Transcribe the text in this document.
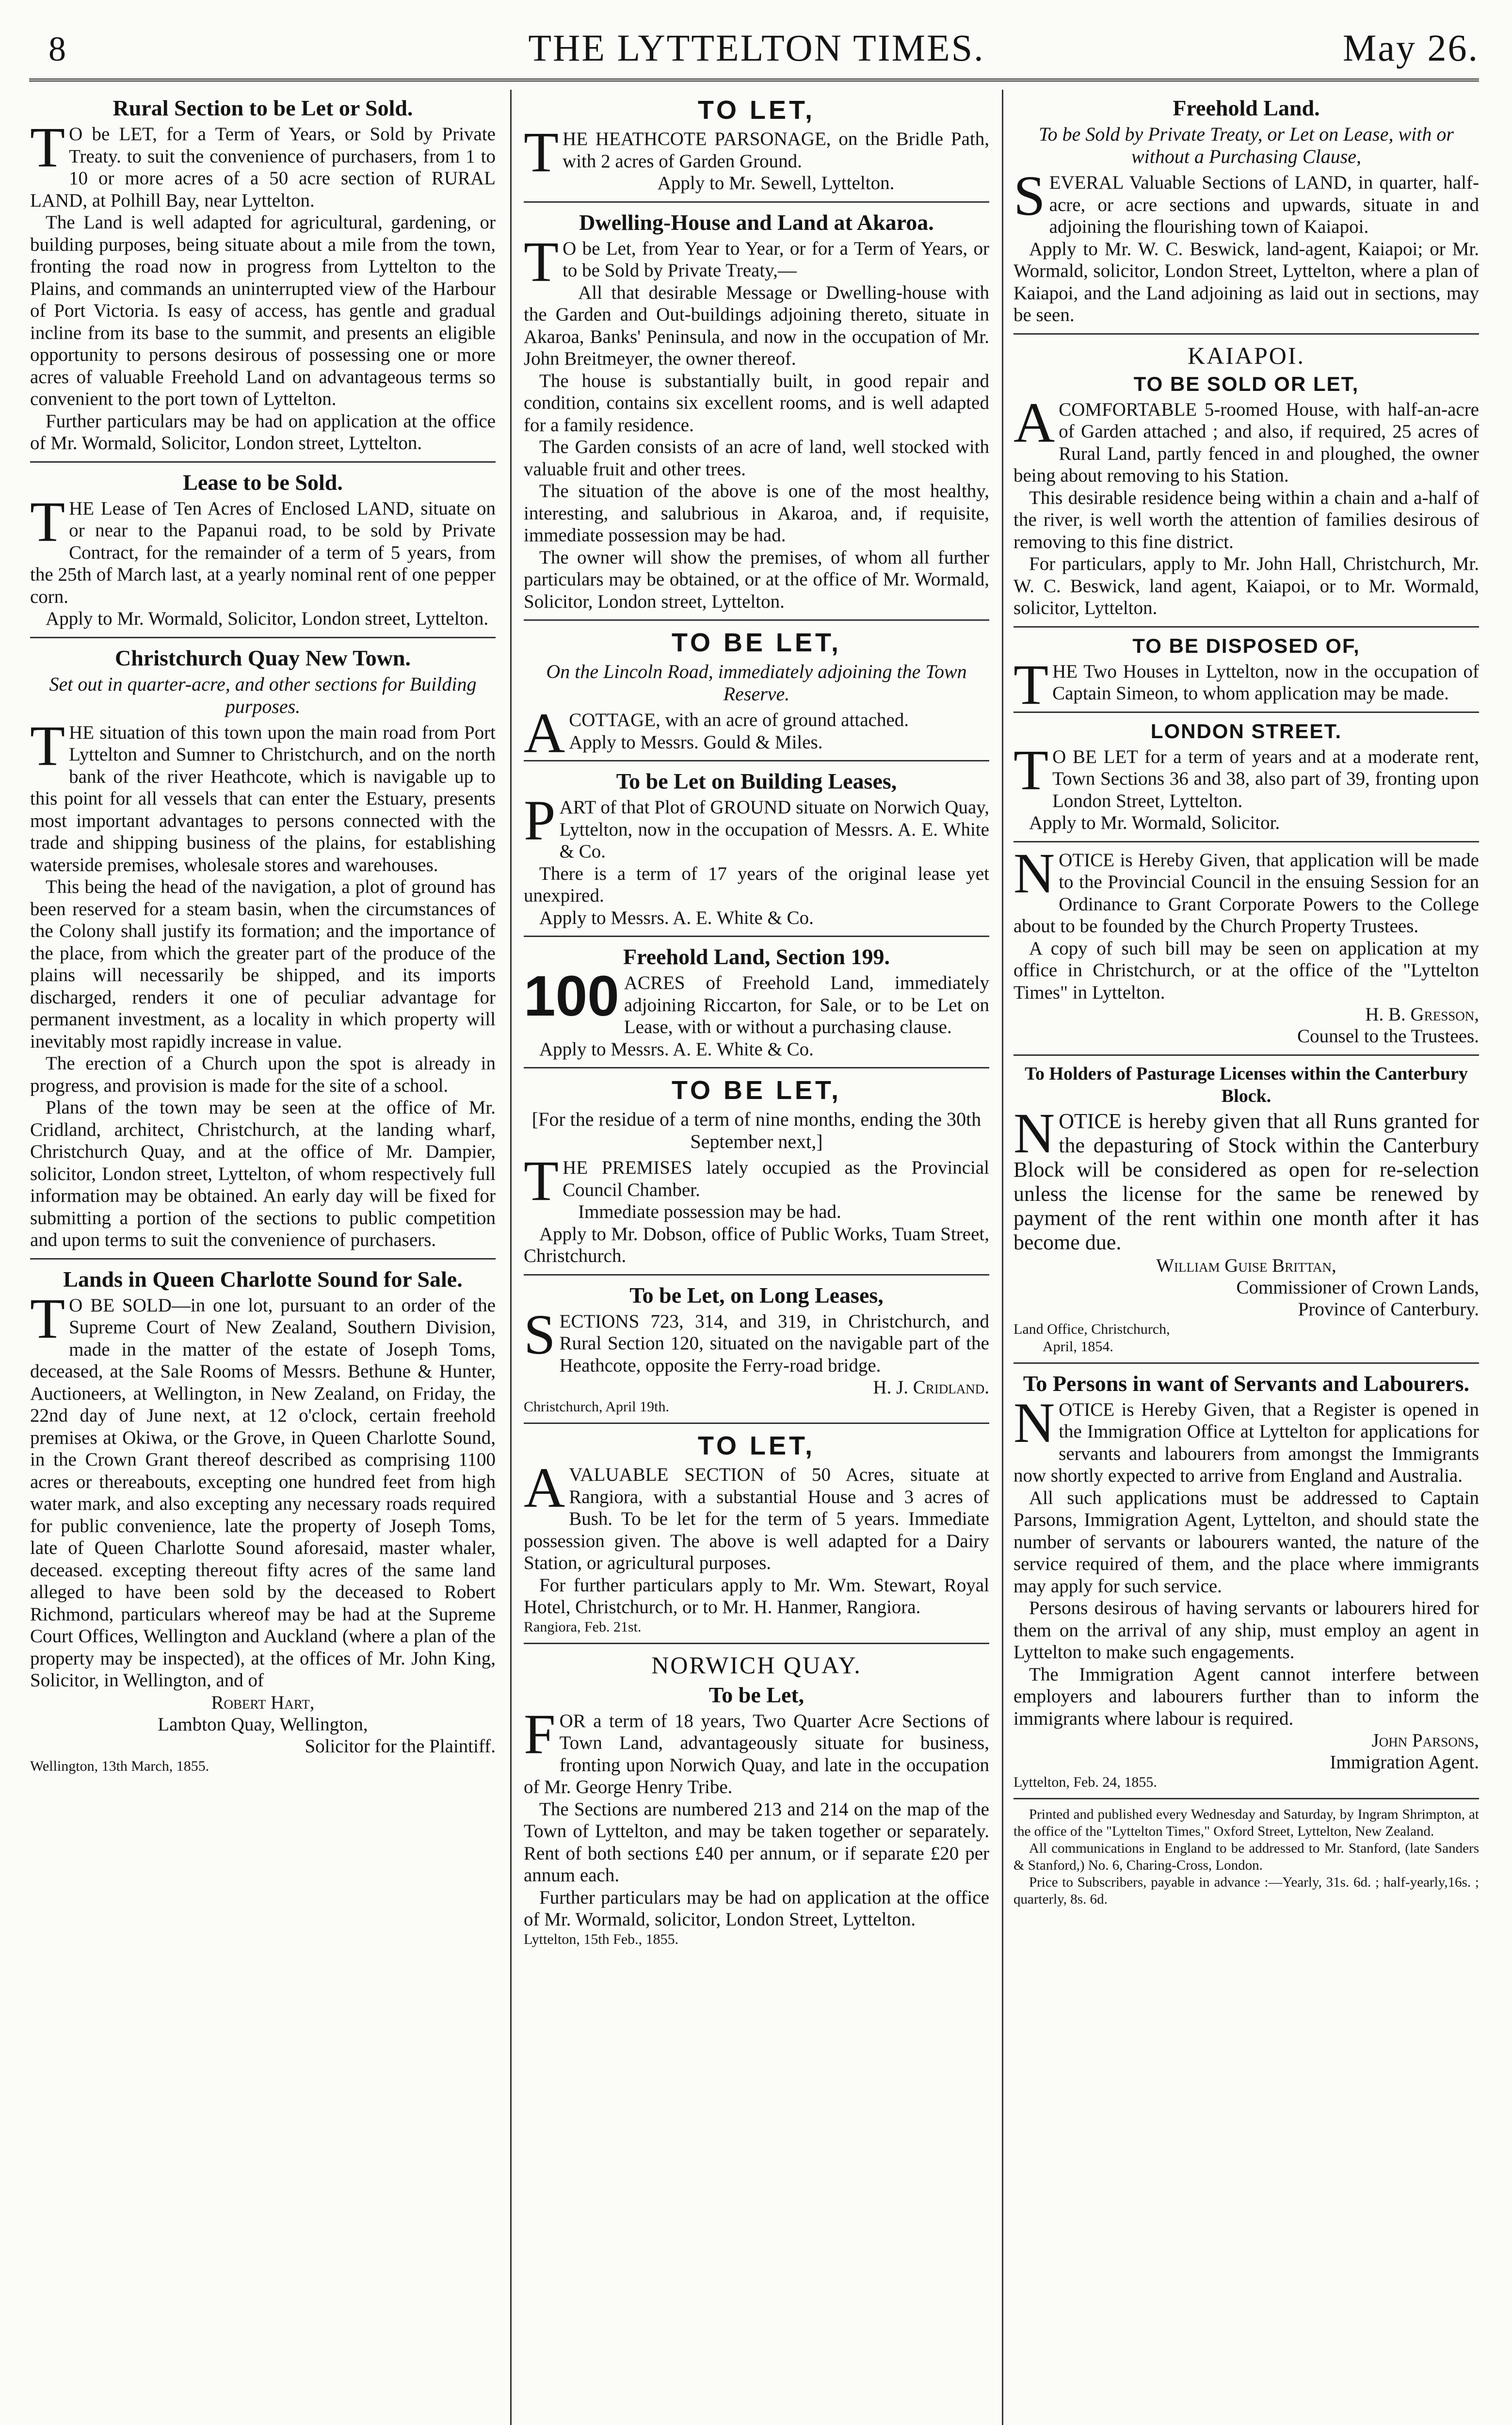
8	THE LYTTELTON TIMES.	May 26.
Rural Section to be Let or Sold.

TO be LET, for a Term of Years, or Sold by Private Treaty. to suit the convenience of purchasers, from 1 to 10 or more acres of a 50 acre section of RURAL LAND, at Polhill Bay, near Lyttelton.

The Land is well adapted for agricultural, gardening, or building purposes, being situate about a mile from the town, fronting the road now in progress from Lyttelton to the Plains, and commands an uninterrupted view of the Harbour of Port Victoria. Is easy of access, has gentle and gradual incline from its base to the summit, and presents an eligible opportunity to persons desirous of possessing one or more acres of valuable Freehold Land on advantageous terms so convenient to the port town of Lyttelton.

Further particulars may be had on application at the office of Mr. Wormald, Solicitor, London street, Lyttelton.

Lease to be Sold.

THE Lease of Ten Acres of Enclosed LAND, situate on or near to the Papanui road, to be sold by Private Contract, for the remainder of a term of 5 years, from the 25th of March last, at a yearly nominal rent of one pepper corn.

Apply to Mr. Wormald, Solicitor, London street, Lyttelton.

Christchurch Quay New Town.
Set out in quarter-acre, and other sections for Building purposes.

THE situation of this town upon the main road from Port Lyttelton and Sumner to Christchurch, and on the north bank of the river Heathcote, which is navigable up to this point for all vessels that can enter the Estuary, presents most important advantages to persons connected with the trade and shipping business of the plains, for establishing waterside premises, wholesale stores and warehouses.

This being the head of the navigation, a plot of ground has been reserved for a steam basin, when the circumstances of the Colony shall justify its formation; and the importance of the place, from which the greater part of the produce of the plains will necessarily be shipped, and its imports discharged, renders it one of peculiar advantage for permanent investment, as a locality in which property will inevitably most rapidly increase in value.

The erection of a Church upon the spot is already in progress, and provision is made for the site of a school.

Plans of the town may be seen at the office of Mr. Cridland, architect, Christchurch, at the landing wharf, Christchurch Quay, and at the office of Mr. Dampier, solicitor, London street, Lyttelton, of whom respectively full information may be obtained. An early day will be fixed for submitting a portion of the sections to public competition and upon terms to suit the convenience of purchasers.

Lands in Queen Charlotte Sound for Sale.

TO BE SOLD—in one lot, pursuant to an order of the Supreme Court of New Zealand, Southern Division, made in the matter of the estate of Joseph Toms, deceased, at the Sale Rooms of Messrs. Bethune & Hunter, Auctioneers, at Wellington, in New Zealand, on Friday, the 22nd day of June next, at 12 o'clock, certain freehold premises at Okiwa, or the Grove, in Queen Charlotte Sound, in the Crown Grant thereof described as comprising 1100 acres or thereabouts, excepting one hundred feet from high water mark, and also excepting any necessary roads required for public convenience, late the property of Joseph Toms, late of Queen Charlotte Sound aforesaid, master whaler, deceased. excepting thereout fifty acres of the same land alleged to have been sold by the deceased to Robert Richmond, particulars whereof may be had at the Supreme Court Offices, Wellington and Auckland (where a plan of the property may be inspected), at the offices of Mr. John King, Solicitor, in Wellington, and of

Robert Hart,

Lambton Quay, Wellington,

Solicitor for the Plaintiff.

Wellington, 13th March, 1855.

TO LET,

THE HEATHCOTE PARSONAGE, on the Bridle Path, with 2 acres of Garden Ground.

Apply to Mr. Sewell, Lyttelton.

Dwelling-House and Land at Akaroa.

TO be Let, from Year to Year, or for a Term of Years, or to be Sold by Private Treaty,—

All that desirable Message or Dwelling-house with the Garden and Out-buildings adjoining thereto, situate in Akaroa, Banks' Peninsula, and now in the occupation of Mr. John Breitmeyer, the owner thereof.

The house is substantially built, in good repair and condition, contains six excellent rooms, and is well adapted for a family residence.

The Garden consists of an acre of land, well stocked with valuable fruit and other trees.

The situation of the above is one of the most healthy, interesting, and salubrious in Akaroa, and, if requisite, immediate possession may be had.

The owner will show the premises, of whom all further particulars may be obtained, or at the office of Mr. Wormald, Solicitor, London street, Lyttelton.

TO BE LET,
On the Lincoln Road, immediately adjoining the Town Reserve.

ACOTTAGE, with an acre of ground attached.

Apply to Messrs. Gould & Miles.

To be Let on Building Leases,

PART of that Plot of GROUND situate on Norwich Quay, Lyttelton, now in the occupation of Messrs. A. E. White & Co.

There is a term of 17 years of the original lease yet unexpired.

Apply to Messrs. A. E. White & Co.

Freehold Land, Section 199.
100 ACRES of Freehold Land, immediately adjoining Riccarton, for Sale, or to be Let on Lease, with or without a purchasing clause.

Apply to Messrs. A. E. White & Co.

TO BE LET,
[For the residue of a term of nine months, ending the 30th September next,]

THE PREMISES lately occupied as the Provincial Council Chamber.

Immediate possession may be had.

Apply to Mr. Dobson, office of Public Works, Tuam Street, Christchurch.

To be Let, on Long Leases,

SECTIONS 723, 314, and 319, in Christchurch, and Rural Section 120, situated on the navigable part of the Heathcote, opposite the Ferry-road bridge.

H. J. Cridland.

Christchurch, April 19th.

TO LET,

AVALUABLE SECTION of 50 Acres, situate at Rangiora, with a substantial House and 3 acres of Bush. To be let for the term of 5 years. Immediate possession given. The above is well adapted for a Dairy Station, or agricultural purposes.

For further particulars apply to Mr. Wm. Stewart, Royal Hotel, Christchurch, or to Mr. H. Hanmer, Rangiora.

Rangiora, Feb. 21st.

NORWICH QUAY.
To be Let,

FOR a term of 18 years, Two Quarter Acre Sections of Town Land, advantageously situate for business, fronting upon Norwich Quay, and late in the occupation of Mr. George Henry Tribe.

The Sections are numbered 213 and 214 on the map of the Town of Lyttelton, and may be taken together or separately. Rent of both sections £40 per annum, or if separate £20 per annum each.

Further particulars may be had on application at the office of Mr. Wormald, solicitor, London Street, Lyttelton.

Lyttelton, 15th Feb., 1855.

Freehold Land.
To be Sold by Private Treaty, or Let on Lease, with or without a Purchasing Clause,

SEVERAL Valuable Sections of LAND, in quarter, half-acre, or acre sections and upwards, situate in and adjoining the flourishing town of Kaiapoi.

Apply to Mr. W. C. Beswick, land-agent, Kaiapoi; or Mr. Wormald, solicitor, London Street, Lyttelton, where a plan of Kaiapoi, and the Land adjoining as laid out in sections, may be seen.

KAIAPOI.
TO BE SOLD OR LET,

ACOMFORTABLE 5-roomed House, with half-an-acre of Garden attached ; and also, if required, 25 acres of Rural Land, partly fenced in and ploughed, the owner being about removing to his Station.

This desirable residence being within a chain and a-half of the river, is well worth the attention of families desirous of removing to this fine district.

For particulars, apply to Mr. John Hall, Christchurch, Mr. W. C. Beswick, land agent, Kaiapoi, or to Mr. Wormald, solicitor, Lyttelton.

TO BE DISPOSED OF,

THE Two Houses in Lyttelton, now in the occupation of Captain Simeon, to whom application may be made.

LONDON STREET.

TO BE LET for a term of years and at a moderate rent, Town Sections 36 and 38, also part of 39, fronting upon London Street, Lyttelton.

Apply to Mr. Wormald, Solicitor.

NOTICE is Hereby Given, that application will be made to the Provincial Council in the ensuing Session for an Ordinance to Grant Corporate Powers to the College about to be founded by the Church Property Trustees.

A copy of such bill may be seen on application at my office in Christchurch, or at the office of the "Lyttelton Times" in Lyttelton.

H. B. Gresson,

Counsel to the Trustees.

To Holders of Pasturage Licenses within the Canterbury Block.

NOTICE is hereby given that all Runs granted for the depasturing of Stock within the Canterbury Block will be considered as open for re-selection unless the license for the same be renewed by payment of the rent within one month after it has become due.

William Guise Brittan,

Commissioner of Crown Lands,

Province of Canterbury.

Land Office, Christchurch,

April, 1854.

To Persons in want of Servants and Labourers.

NOTICE is Hereby Given, that a Register is opened in the Immigration Office at Lyttelton for applications for servants and labourers from amongst the Immigrants now shortly expected to arrive from England and Australia.

All such applications must be addressed to Captain Parsons, Immigration Agent, Lyttelton, and should state the number of servants or labourers wanted, the nature of the service required of them, and the place where immigrants may apply for such service.

Persons desirous of having servants or labourers hired for them on the arrival of any ship, must employ an agent in Lyttelton to make such engagements.

The Immigration Agent cannot interfere between employers and labourers further than to inform the immigrants where labour is required.

John Parsons,

Immigration Agent.

Lyttelton, Feb. 24, 1855.

Printed and published every Wednesday and Saturday, by Ingram Shrimpton, at the office of the "Lyttelton Times," Oxford Street, Lyttelton, New Zealand.

All communications in England to be addressed to Mr. Stanford, (late Sanders & Stanford,) No. 6, Charing-Cross, London.

Price to Subscribers, payable in advance :—Yearly, 31s. 6d. ; half-yearly,16s. ; quarterly, 8s. 6d.
